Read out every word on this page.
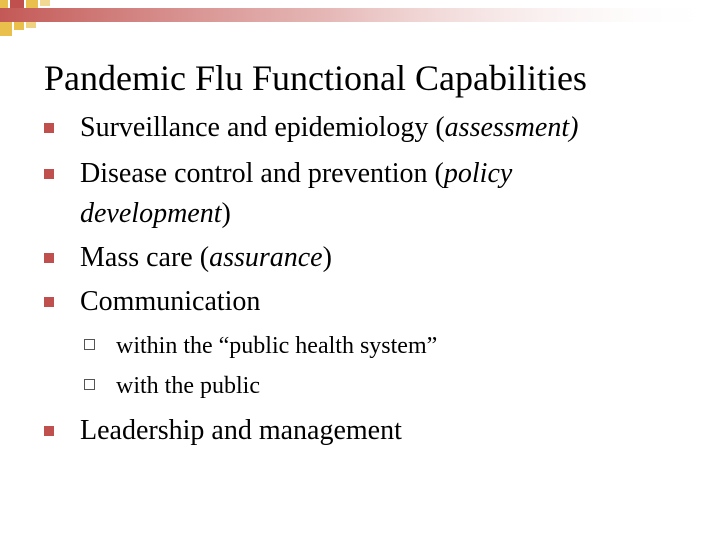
Pandemic Flu Functional Capabilities
Surveillance and epidemiology (assessment)
Disease control and prevention (policy development)
Mass care (assurance)
Communication
within the “public health system”
with the public
Leadership and management
